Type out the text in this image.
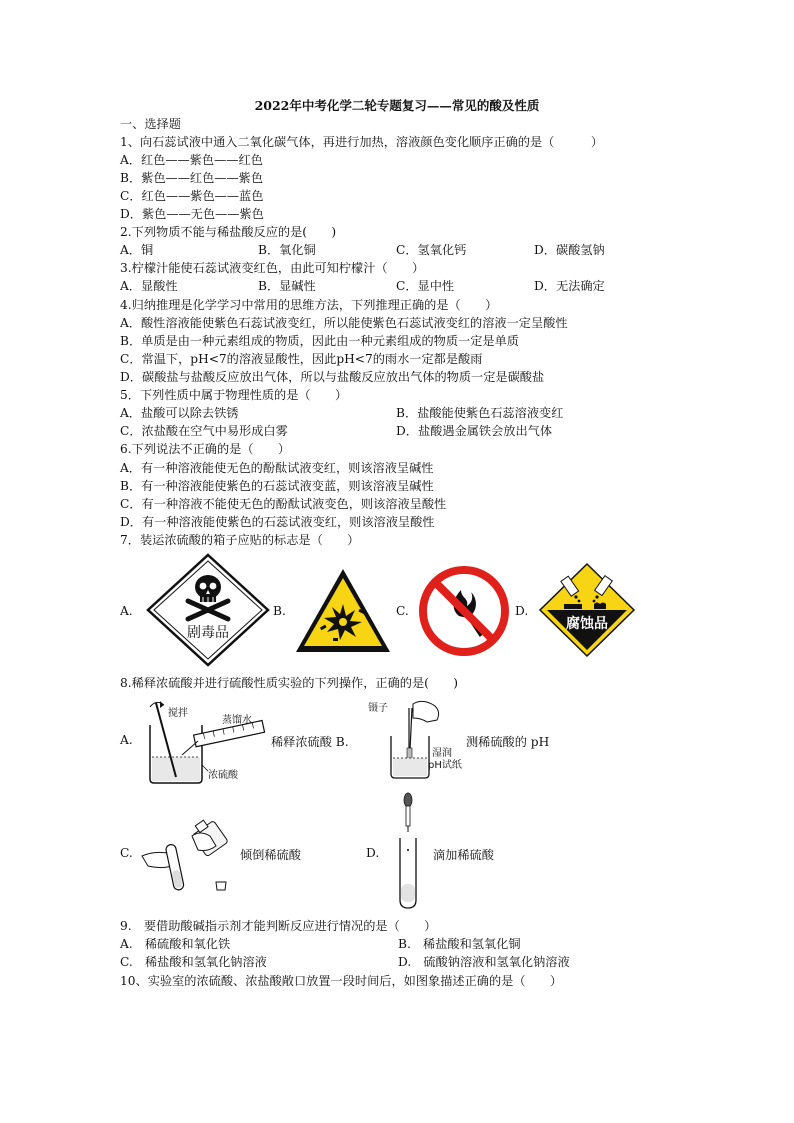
2022年中考化学二轮专题复习——常见的酸及性质
一、选择题
1、向石蕊试液中通入二氧化碳气体，再进行加热，溶液颜色变化顺序正确的是（　　　）
A．红色——紫色——红色
B．紫色——红色——紫色
C．红色——紫色——蓝色
D．紫色——无色——紫色
2.下列物质不能与稀盐酸反应的是(　　)
A．铜	B．氧化铜	C．氢氧化钙	D．碳酸氢钠
3.柠檬汁能使石蕊试液变红色，由此可知柠檬汁（　　）
A．显酸性	B．显碱性	C．显中性	D．无法确定
4.归纳推理是化学学习中常用的思维方法，下列推理正确的是（　　）
A．酸性溶液能使紫色石蕊试液变红，所以能使紫色石蕊试液变红的溶液一定呈酸性
B．单质是由一种元素组成的物质，因此由一种元素组成的物质一定是单质
C．常温下，pH<7的溶液显酸性，因此pH<7的雨水一定都是酸雨
D．碳酸盐与盐酸反应放出气体，所以与盐酸反应放出气体的物质一定是碳酸盐
5．下列性质中属于物理性质的是（　　）
A．盐酸可以除去铁锈	B．盐酸能使紫色石蕊溶液变红
C．浓盐酸在空气中易形成白雾	D．盐酸遇金属铁会放出气体
6.下列说法不正确的是（　　）
A．有一种溶液能使无色的酚酞试液变红，则该溶液呈碱性
B．有一种溶液能使紫色的石蕊试液变蓝，则该溶液呈碱性
C．有一种溶液不能使无色的酚酞试液变色，则该溶液呈酸性
D．有一种溶液能使紫色的石蕊试液变红，则该溶液呈酸性
7．装运浓硫酸的箱子应贴的标志是（　　）
A.
剧毒品
B.	C.	D.
腐蚀品
8.稀释浓硫酸并进行硫酸性质实验的下列操作，正确的是(　　)
A.
搅拌
蒸馏水
浓硫酸
稀释浓硫酸 B.
镊子
湿润
pH试纸
测稀硫酸的 pH
C.	倾倒稀硫酸	D.	滴加稀硫酸
9.　要借助酸碱指示剂才能判断反应进行情况的是（　　）
A.　稀硫酸和氧化铁	B.　稀盐酸和氢氧化铜
C.　稀盐酸和氢氧化钠溶液	D.　硫酸钠溶液和氢氧化钠溶液
10、实验室的浓硫酸、浓盐酸敞口放置一段时间后，如图象描述正确的是（　　）
